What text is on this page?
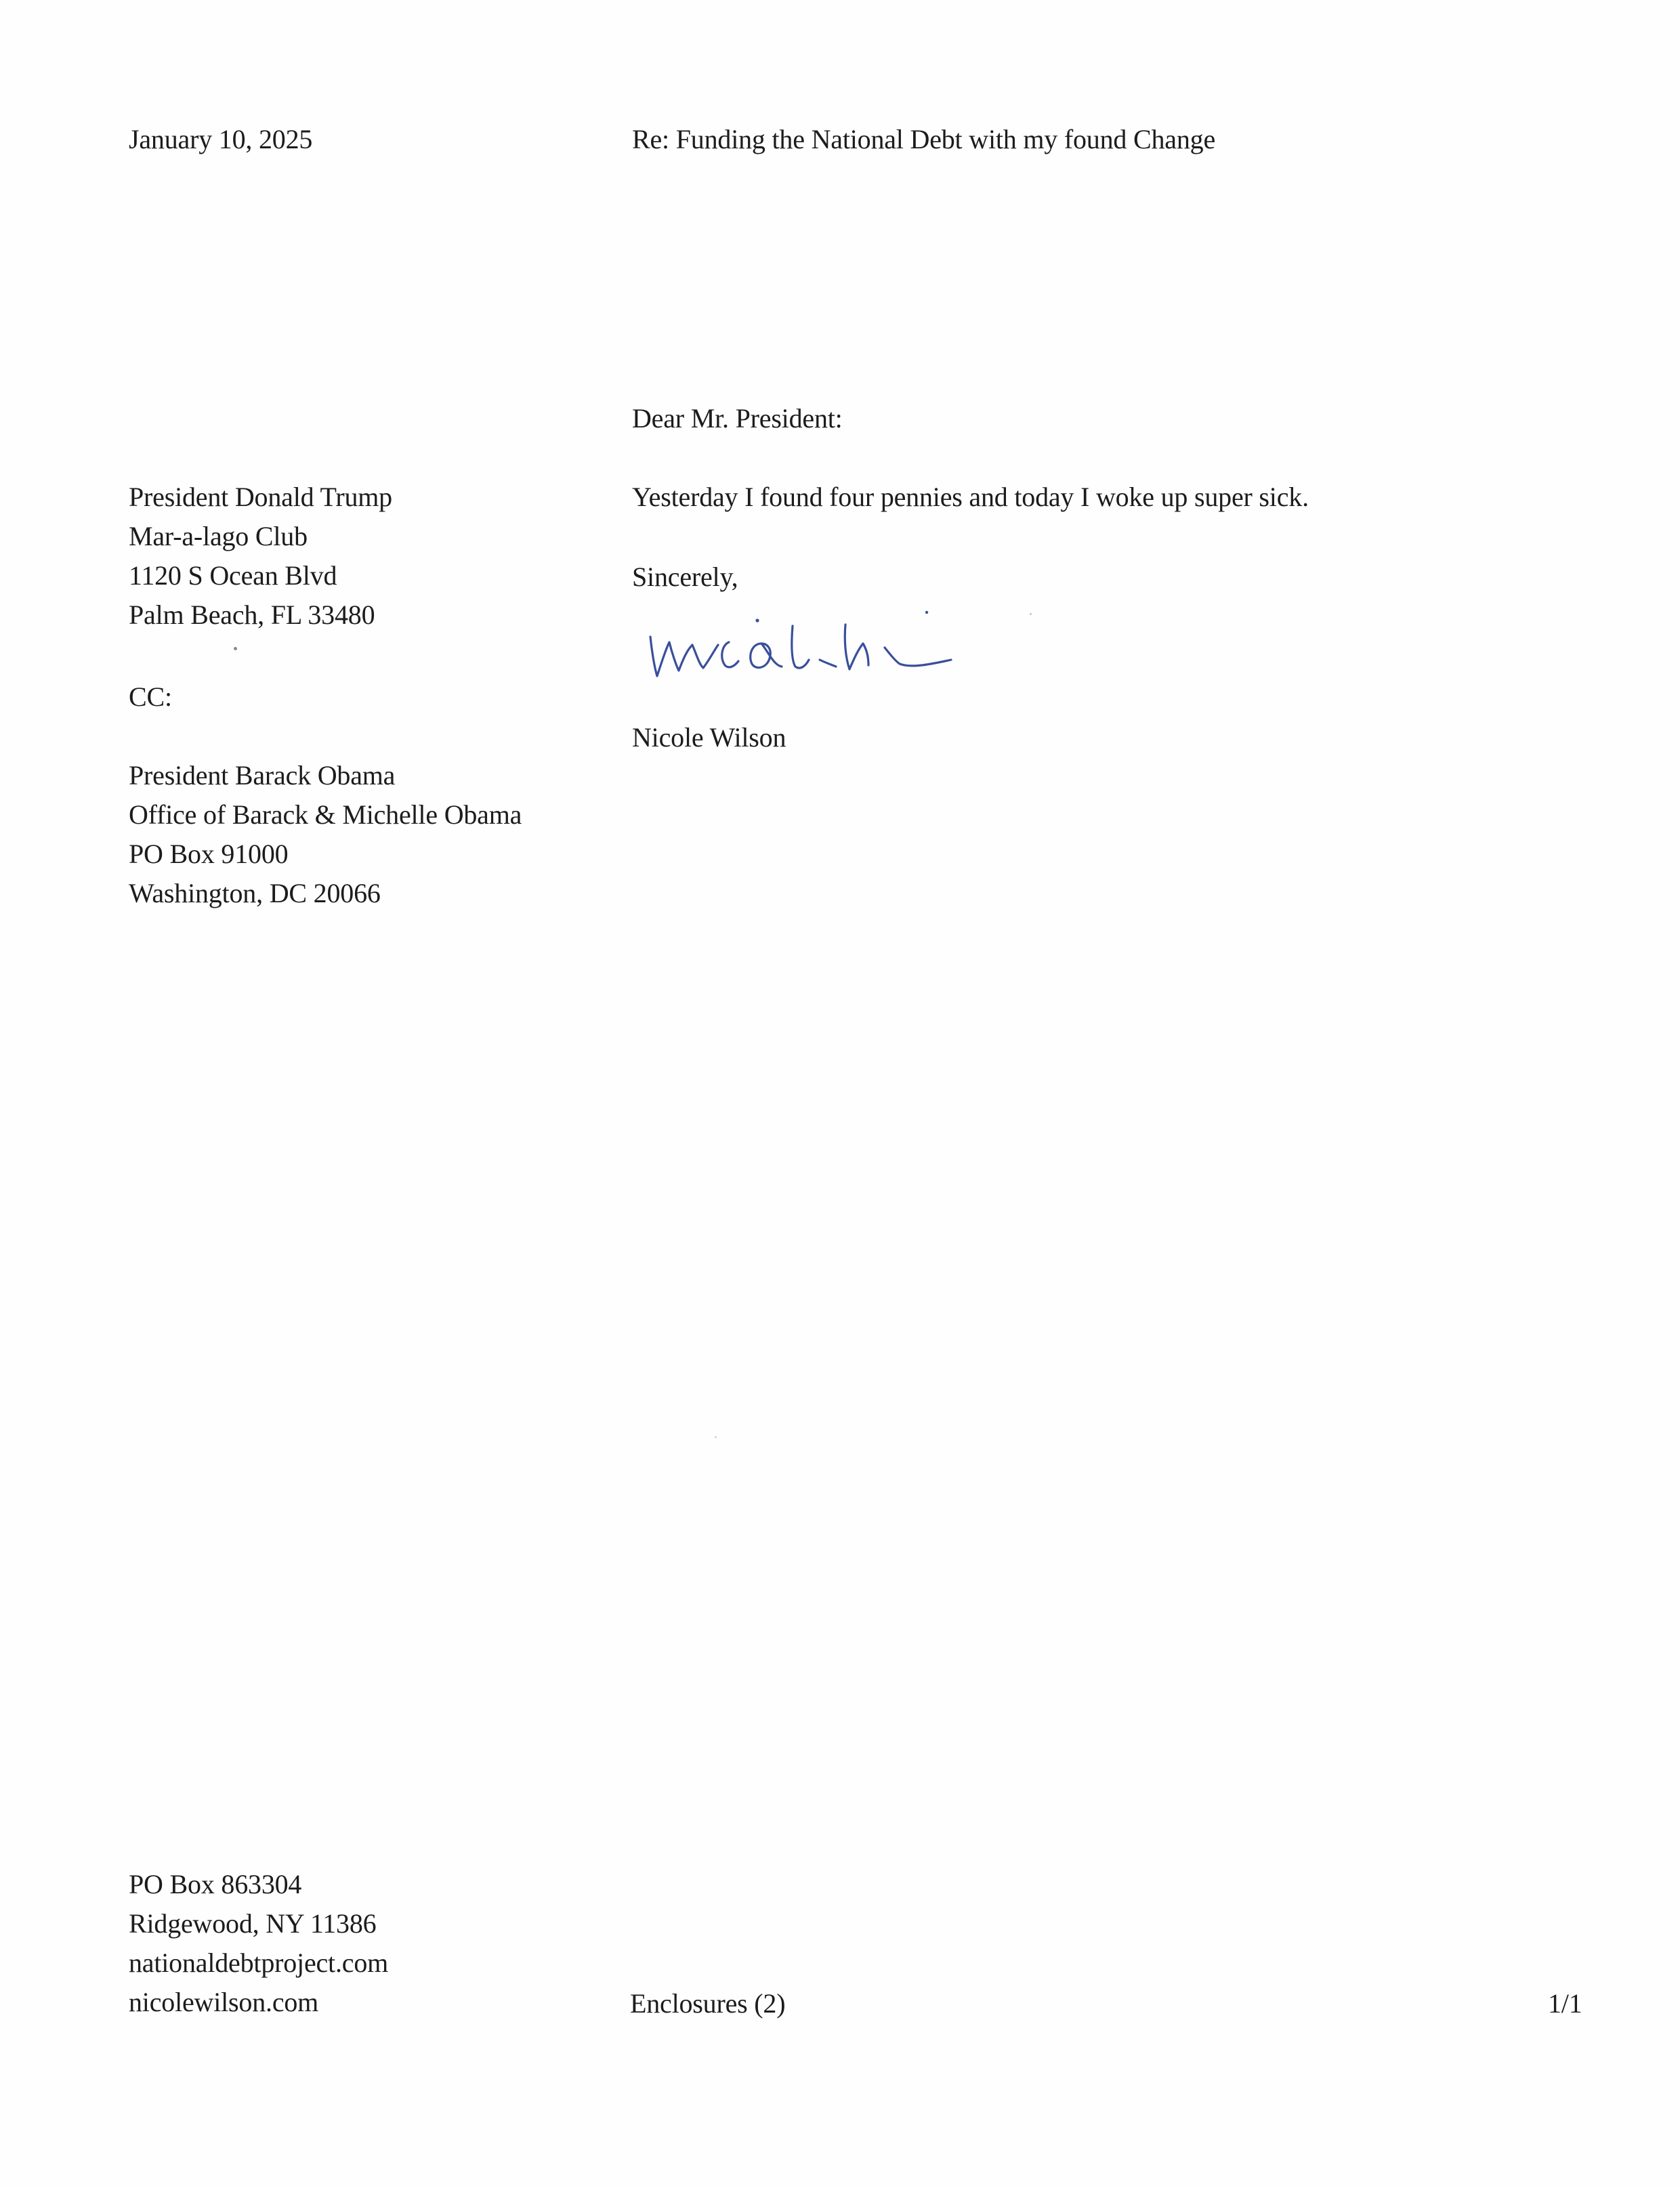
January 10, 2025	Re: Funding the National Debt with my found Change
Dear Mr. President:
President Donald Trump
Mar-a-lago Club
1120 S Ocean Blvd
Palm Beach, FL 33480
Yesterday I found four pennies and today I woke up super sick.
Sincerely,
Nicole Wilson
CC:
President Barack Obama
Office of Barack & Michelle Obama
PO Box 91000
Washington, DC 20066
PO Box 863304
Ridgewood, NY 11386
nationaldebtproject.com
nicolewilson.com	Enclosures (2)	1/1
